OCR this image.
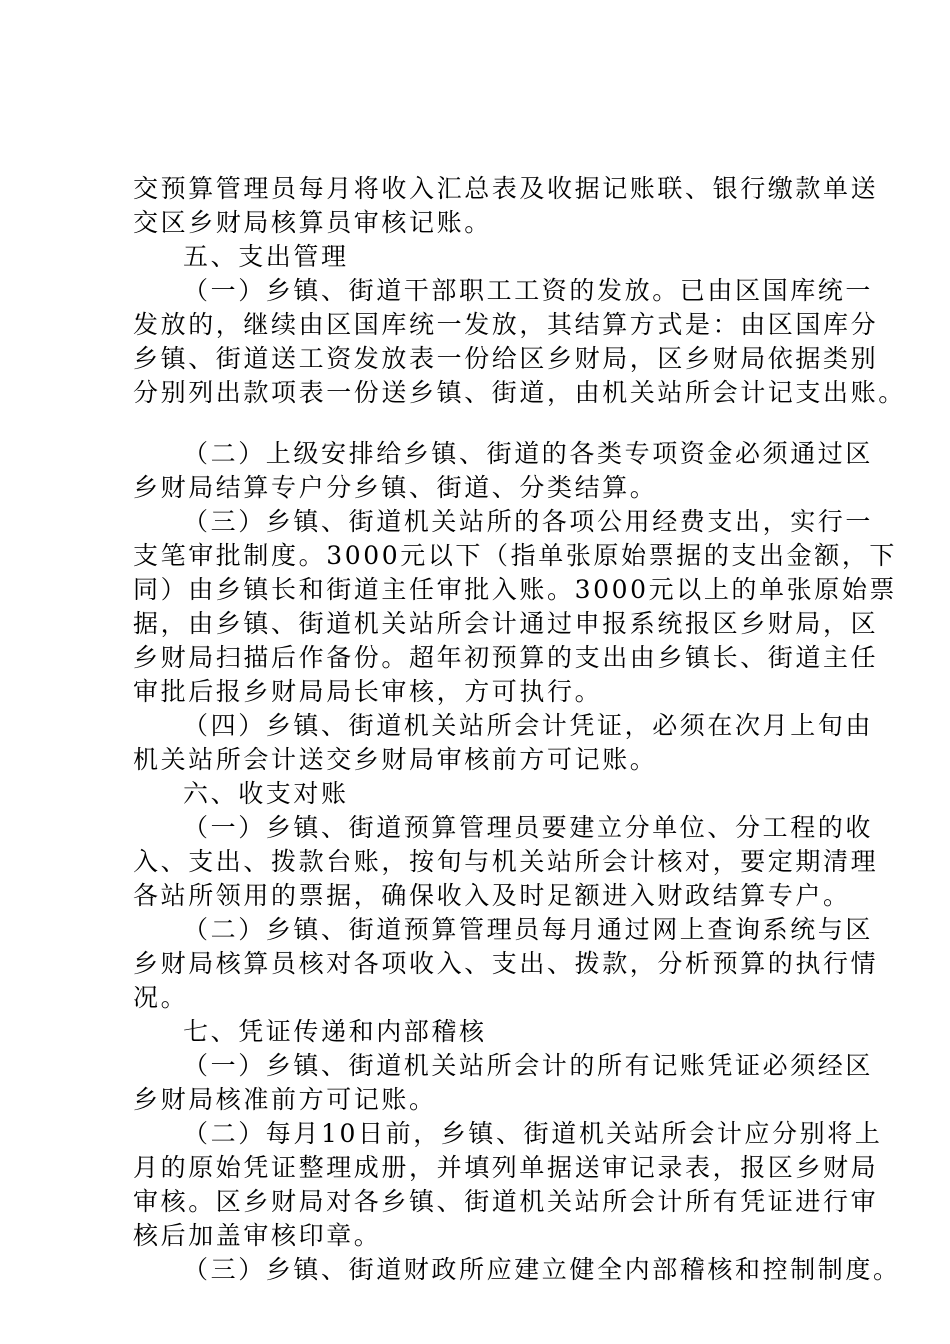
交预算管理员每月将收入汇总表及收据记账联、银行缴款单送
交区乡财局核算员审核记账。
五、支出管理
（一）乡镇、街道干部职工工资的发放。已由区国库统一
发放的，继续由区国库统一发放，其结算方式是：由区国库分
乡镇、街道送工资发放表一份给区乡财局，区乡财局依据类别
分别列出款项表一份送乡镇、街道，由机关站所会计记支出账。
（二）上级安排给乡镇、街道的各类专项资金必须通过区
乡财局结算专户分乡镇、街道、分类结算。
（三）乡镇、街道机关站所的各项公用经费支出，实行一
支笔审批制度。3000元以下（指单张原始票据的支出金额，下
同）由乡镇长和街道主任审批入账。3000元以上的单张原始票
据，由乡镇、街道机关站所会计通过申报系统报区乡财局，区
乡财局扫描后作备份。超年初预算的支出由乡镇长、街道主任
审批后报乡财局局长审核，方可执行。
（四）乡镇、街道机关站所会计凭证，必须在次月上旬由
机关站所会计送交乡财局审核前方可记账。
六、收支对账
（一）乡镇、街道预算管理员要建立分单位、分工程的收
入、支出、拨款台账，按旬与机关站所会计核对，要定期清理
各站所领用的票据，确保收入及时足额进入财政结算专户。
（二）乡镇、街道预算管理员每月通过网上查询系统与区
乡财局核算员核对各项收入、支出、拨款，分析预算的执行情
况。
七、凭证传递和内部稽核
（一）乡镇、街道机关站所会计的所有记账凭证必须经区
乡财局核准前方可记账。
（二）每月10日前，乡镇、街道机关站所会计应分别将上
月的原始凭证整理成册，并填列单据送审记录表，报区乡财局
审核。区乡财局对各乡镇、街道机关站所会计所有凭证进行审
核后加盖审核印章。
（三）乡镇、街道财政所应建立健全内部稽核和控制制度。
